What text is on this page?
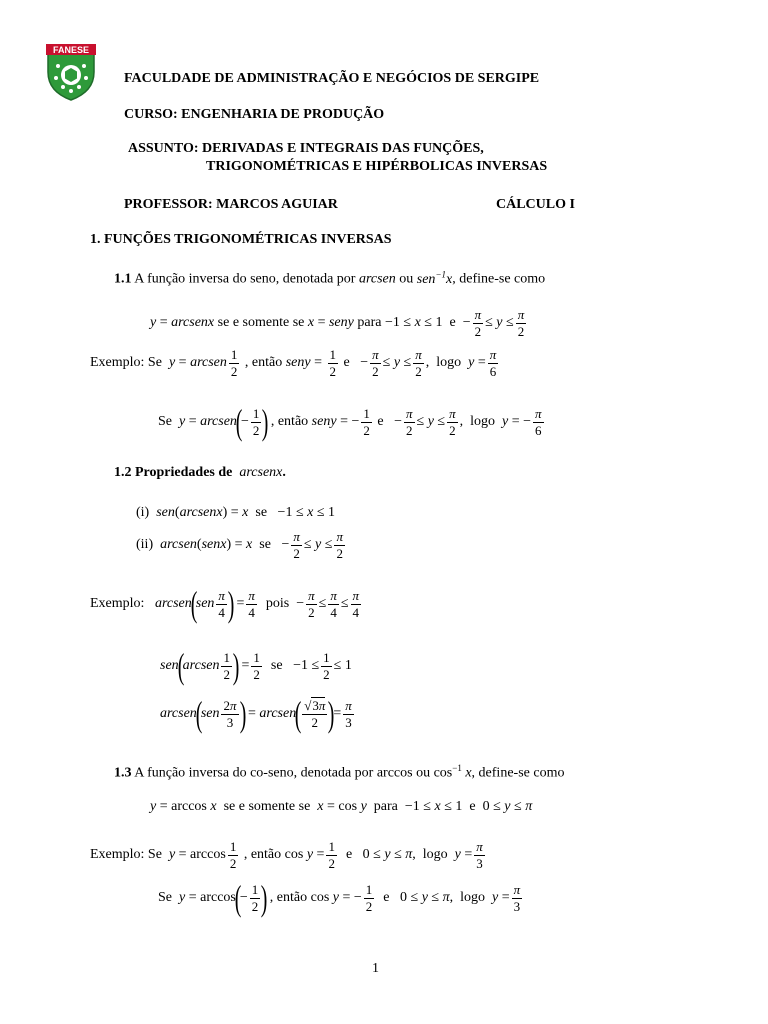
FANESE
FACULDADE DE ADMINISTRAÇÃO E NEGÓCIOS DE SERGIPE
CURSO: ENGENHARIA DE PRODUÇÃO
ASSUNTO: DERIVADAS E INTEGRAIS DAS FUNÇÕES,
TRIGONOMÉTRICAS E HIPÉRBOLICAS INVERSAS
PROFESSOR: MARCOS AGUIAR	CÁLCULO I
1. FUNÇÕES TRIGONOMÉTRICAS INVERSAS
1.1 A função inversa do seno, denotada por arcsen ou sen$^{-1}$x, define-se como
y = arcsenx
se e somente se
x = seny
para −1 ≤ x ≤ 1 $e - \frac{\pi}{2} \le y \le \frac{\pi}{2}$
Exemplo: Se
y = arcsen $\frac{1}{2}$
, então
seny = $\frac{1}{2}$
$e - \frac{\pi}{2} \le y \le \frac{\pi}{2}$ , logo
$y = \frac{\pi}{6}$
Se
y = arcsen
(
− $\frac{1}{2}$ )
, então
seny = − $\frac{1}{2}$
$e - \frac{\pi}{2} \le y \le \frac{\pi}{2}$ , logo
y = − $\frac{\pi}{6}$
1.2 Propriedades de arcsenx.
(i)
sen ( arcsenx ) = x
se −1 ≤ x ≤ 1
(ii)
arcsen ( senx ) = x
se − $\frac{\pi}{2} \le y \le \frac{\pi}{2}$
Exemplo:
arcsen
(
sen $\frac{\pi}{4}$ )
= $\frac{\pi}{4}$
pois − $\frac{\pi}{2} \le \frac{\pi}{4} \le \frac{\pi}{4}$
sen
(
arcsen $\frac{1}{2}$ )
= $\frac{1}{2}$
se $-1 \le \frac{1}{2} \le 1$
arcsen
(
sen $\frac{2\pi}{3}$ )
= arcsen
( $\frac{√3\pi}{2}$ )
= $\frac{\pi}{3}$
1.3 A função inversa do co-seno, denotada por arccos ou $\cos^{-1} x$, define-se como
y = arccos x
se e somente se
x = cos y
para −1 ≤ x ≤ 1 e 0 ≤ y ≤ π
Exemplo: Se
$y = \arccos \frac{1}{2}$
, então $\cos y = \frac{1}{2}$
e 0 ≤ y ≤ π , logo
$y = \frac{\pi}{3}$
Se
y = arccos
(
− $\frac{1}{2}$ )
, então cos y = − $\frac{1}{2}$
e 0 ≤ y ≤ π , logo
$y = \frac{\pi}{3}$
1
